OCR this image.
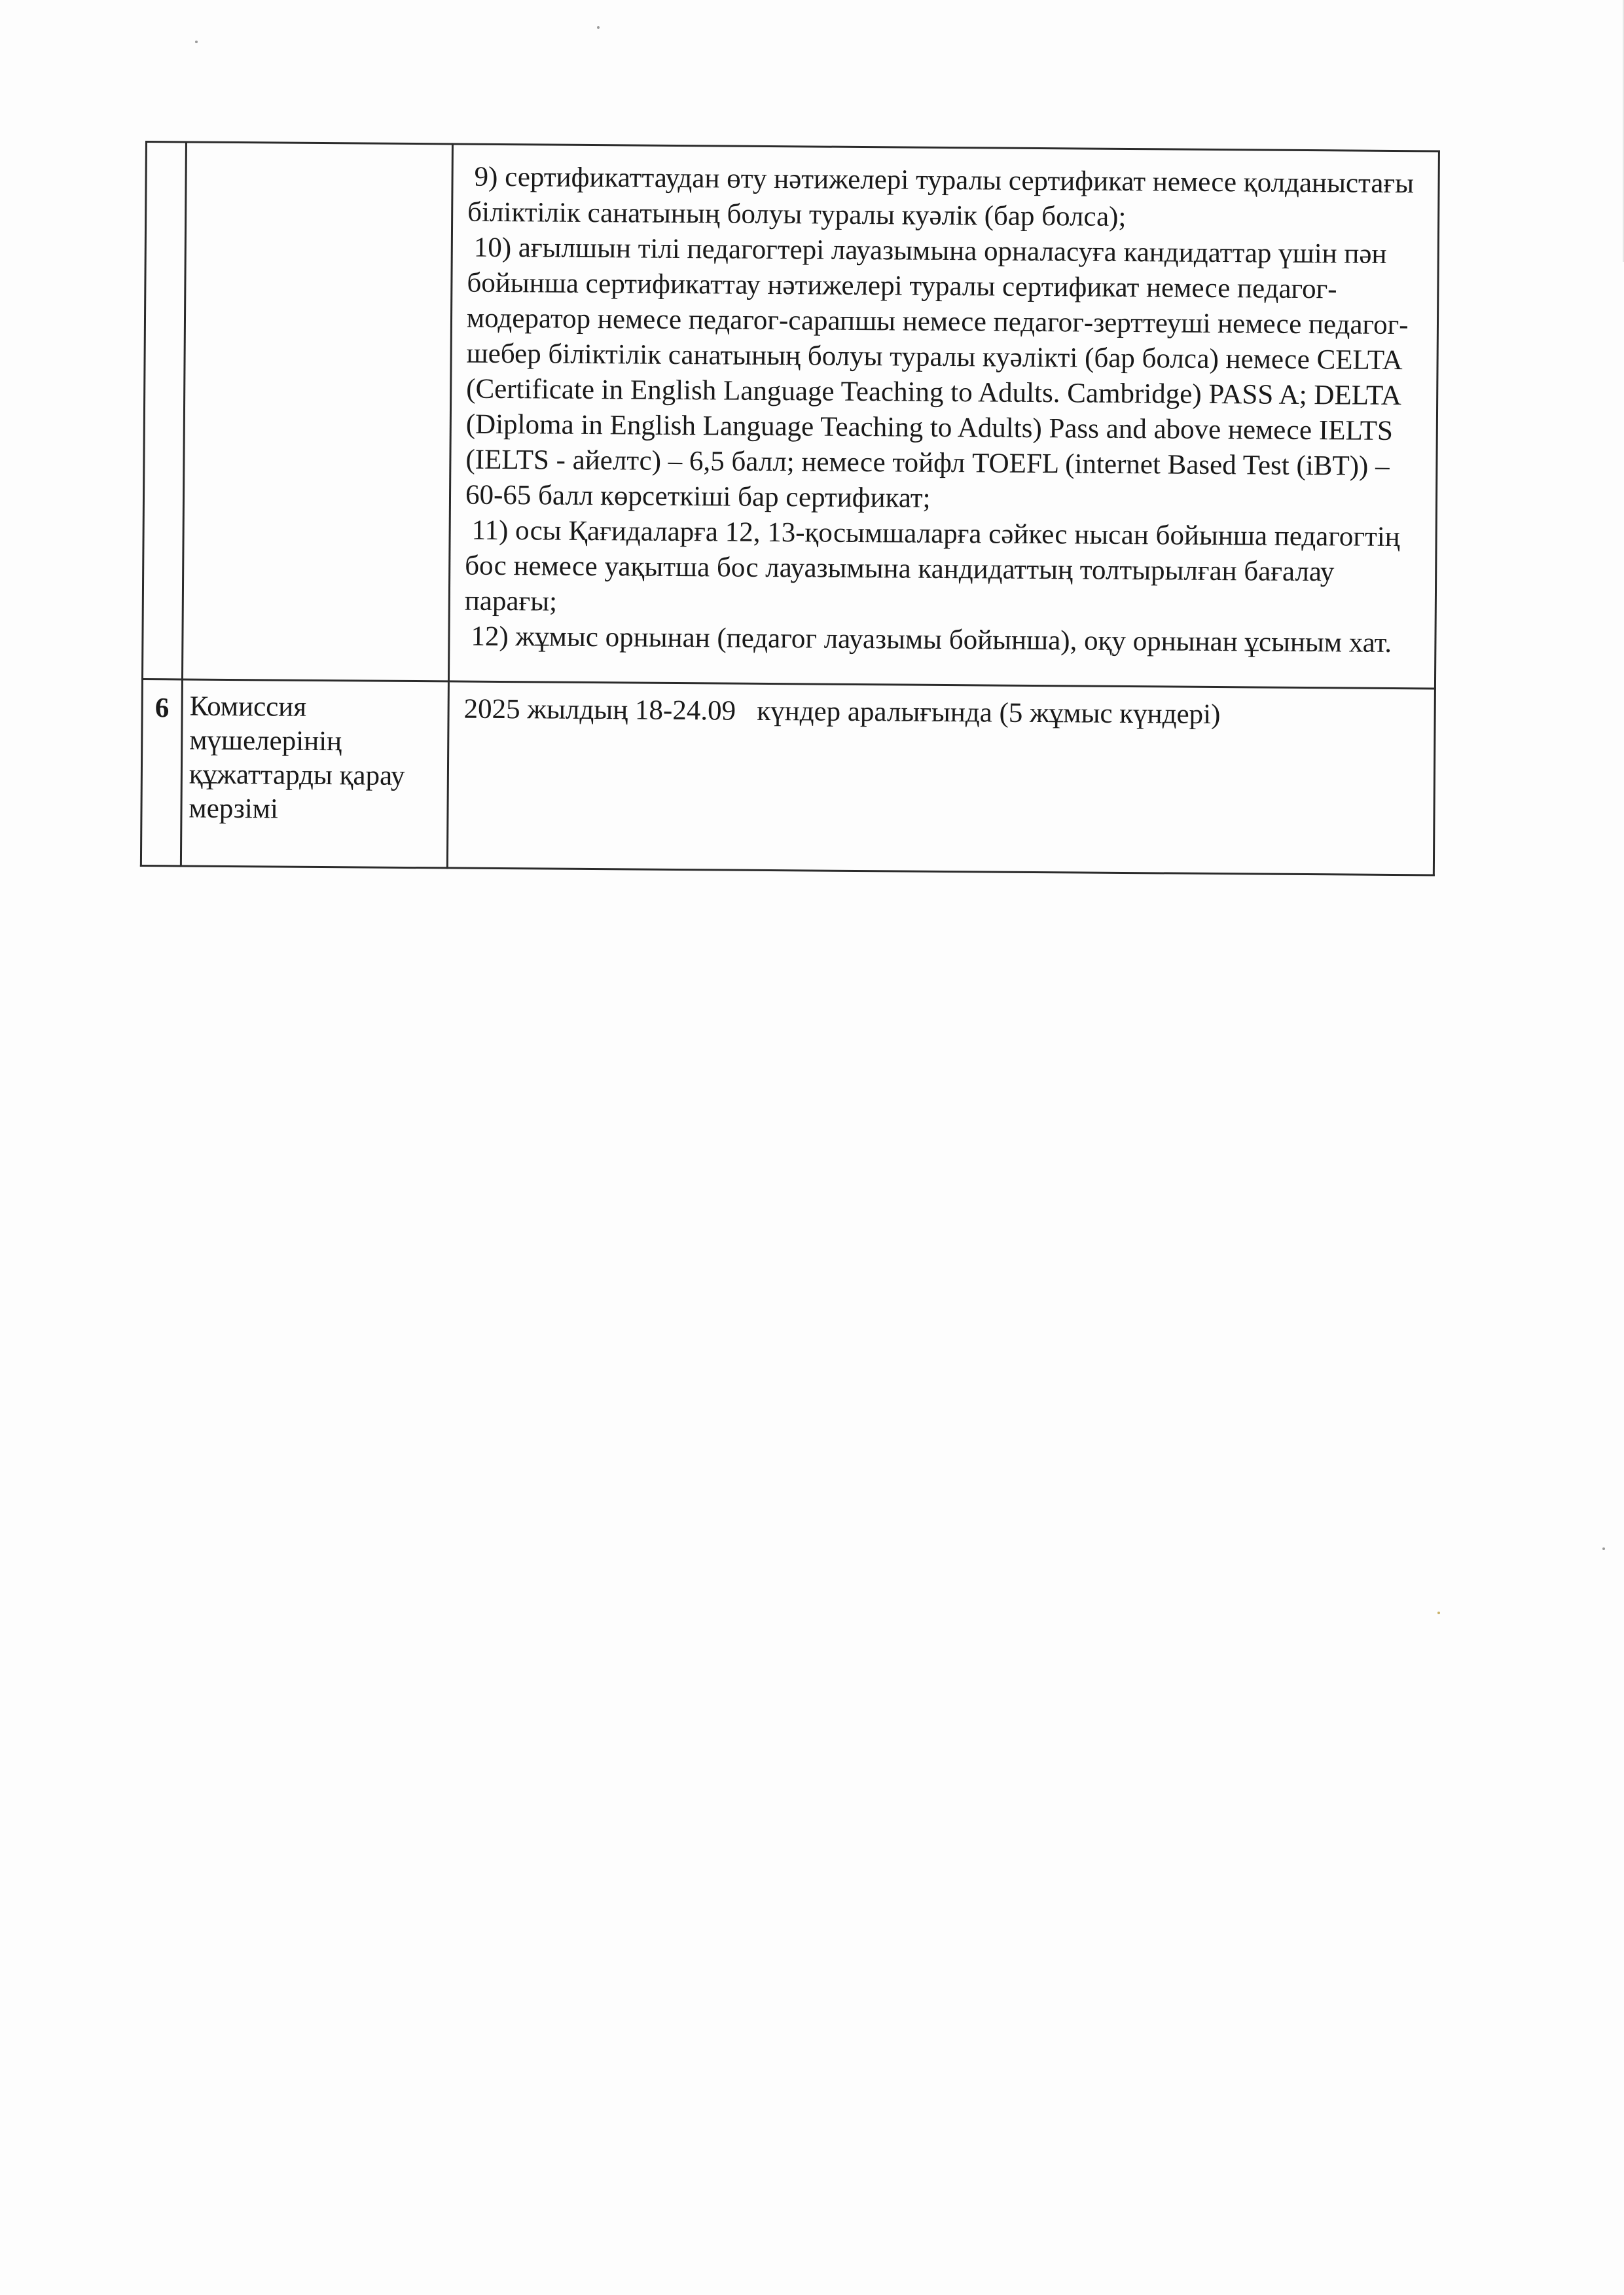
		9) сертификаттаудан өту нәтижелері туралы сертификат немесе қолданыстағы біліктілік санатының болуы туралы куәлік (бар болса);

10) ағылшын тілі педагогтері лауазымына орналасуға кандидаттар үшін пән бойынша сертификаттау нәтижелері туралы сертификат немесе педагог-модератор немесе педагог-сарапшы немесе педагог-зерттеуші немесе педагог-шебер біліктілік санатының болуы туралы куәлікті (бар болса) немесе CELTA (Certificate in English Language Teaching to Adults. Cambridge) PASS A; DELTA (Diploma in English Language Teaching to Adults) Pass and above немесе IELTS (IELTS - айелтс) – 6,5 балл; немесе тойфл TOEFL (internet Based Test (iBT)) – 60-65 балл көрсеткіші бар сертификат;

11) осы Қағидаларға 12, 13-қосымшаларға сәйкес нысан бойынша педагогтің бос немесе уақытша бос лауазымына кандидаттың толтырылған бағалау парағы;

12) жұмыс орнынан (педагог лауазымы бойынша), оқу орнынан ұсыным хат.

6	Комиссия мүшелерінің құжаттарды қарау мерзімі	2025 жылдың 18-24.09   күндер аралығында (5 жұмыс күндері)
